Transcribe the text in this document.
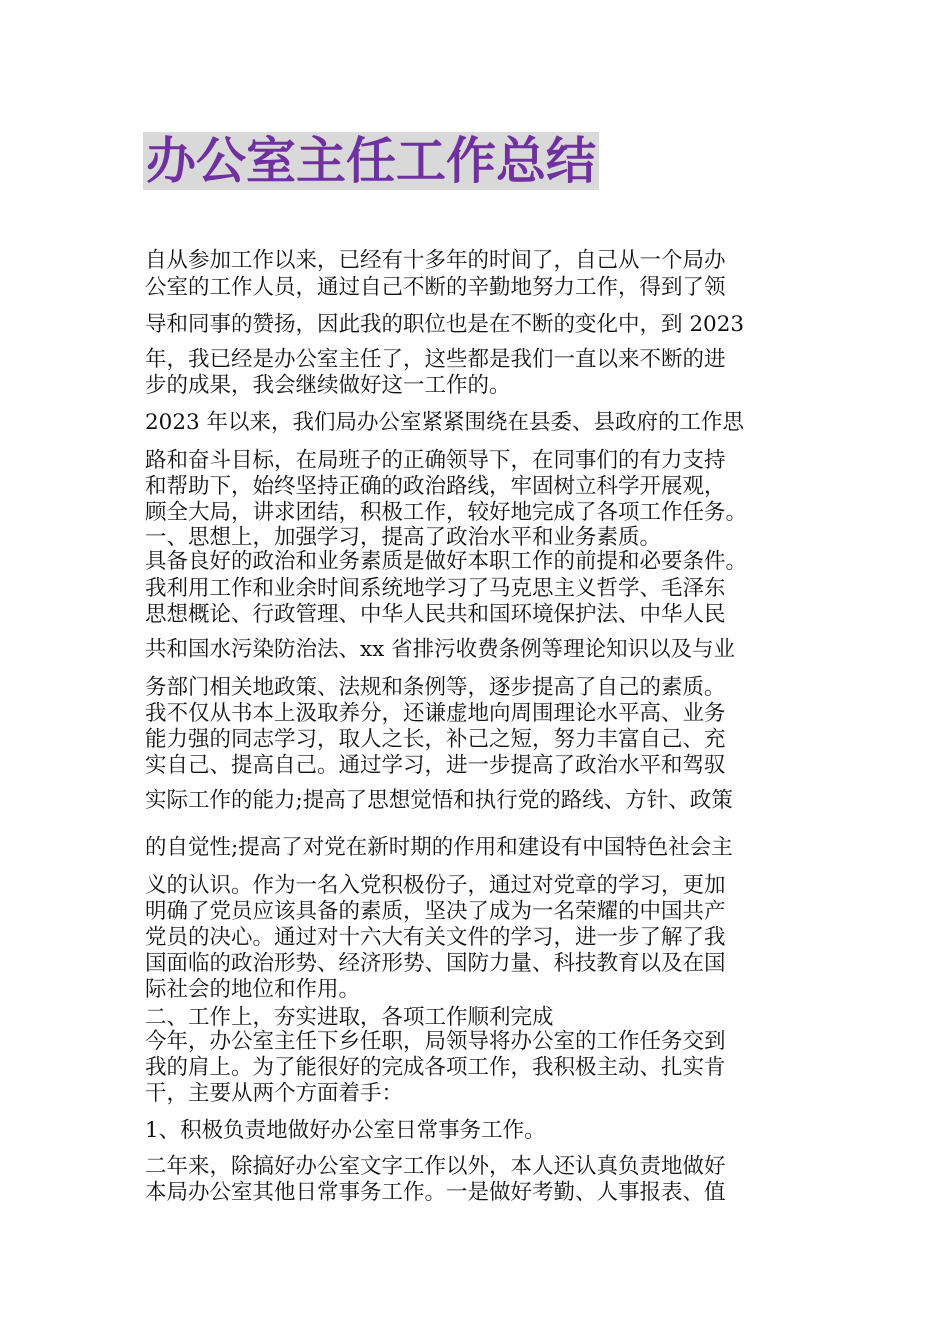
办公室主任工作总结
自从参加工作以来，已经有十多年的时间了，自己从一个局办
公室的工作人员，通过自己不断的辛勤地努力工作，得到了领
导和同事的赞扬，因此我的职位也是在不断的变化中，到 2023
年，我已经是办公室主任了，这些都是我们一直以来不断的进
步的成果，我会继续做好这一工作的。
2023 年以来，我们局办公室紧紧围绕在县委、县政府的工作思
路和奋斗目标，在局班子的正确领导下，在同事们的有力支持
和帮助下，始终坚持正确的政治路线，牢固树立科学开展观，
顾全大局，讲求团结，积极工作，较好地完成了各项工作任务。
一、思想上，加强学习，提高了政治水平和业务素质。
具备良好的政治和业务素质是做好本职工作的前提和必要条件。
我利用工作和业余时间系统地学习了马克思主义哲学、毛泽东
思想概论、行政管理、中华人民共和国环境保护法、中华人民
共和国水污染防治法、xx 省排污收费条例等理论知识以及与业
务部门相关地政策、法规和条例等，逐步提高了自己的素质。
我不仅从书本上汲取养分，还谦虚地向周围理论水平高、业务
能力强的同志学习，取人之长，补己之短，努力丰富自己、充
实自己、提高自己。通过学习，进一步提高了政治水平和驾驭
实际工作的能力;提高了思想觉悟和执行党的路线、方针、政策
的自觉性;提高了对党在新时期的作用和建设有中国特色社会主
义的认识。作为一名入党积极份子，通过对党章的学习，更加
明确了党员应该具备的素质，坚决了成为一名荣耀的中国共产
党员的决心。通过对十六大有关文件的学习，进一步了解了我
国面临的政治形势、经济形势、国防力量、科技教育以及在国
际社会的地位和作用。
二、工作上，夯实进取，各项工作顺利完成
今年，办公室主任下乡任职，局领导将办公室的工作任务交到
我的肩上。为了能很好的完成各项工作，我积极主动、扎实肯
干，主要从两个方面着手：
1、积极负责地做好办公室日常事务工作。
二年来，除搞好办公室文字工作以外，本人还认真负责地做好
本局办公室其他日常事务工作。一是做好考勤、人事报表、值
